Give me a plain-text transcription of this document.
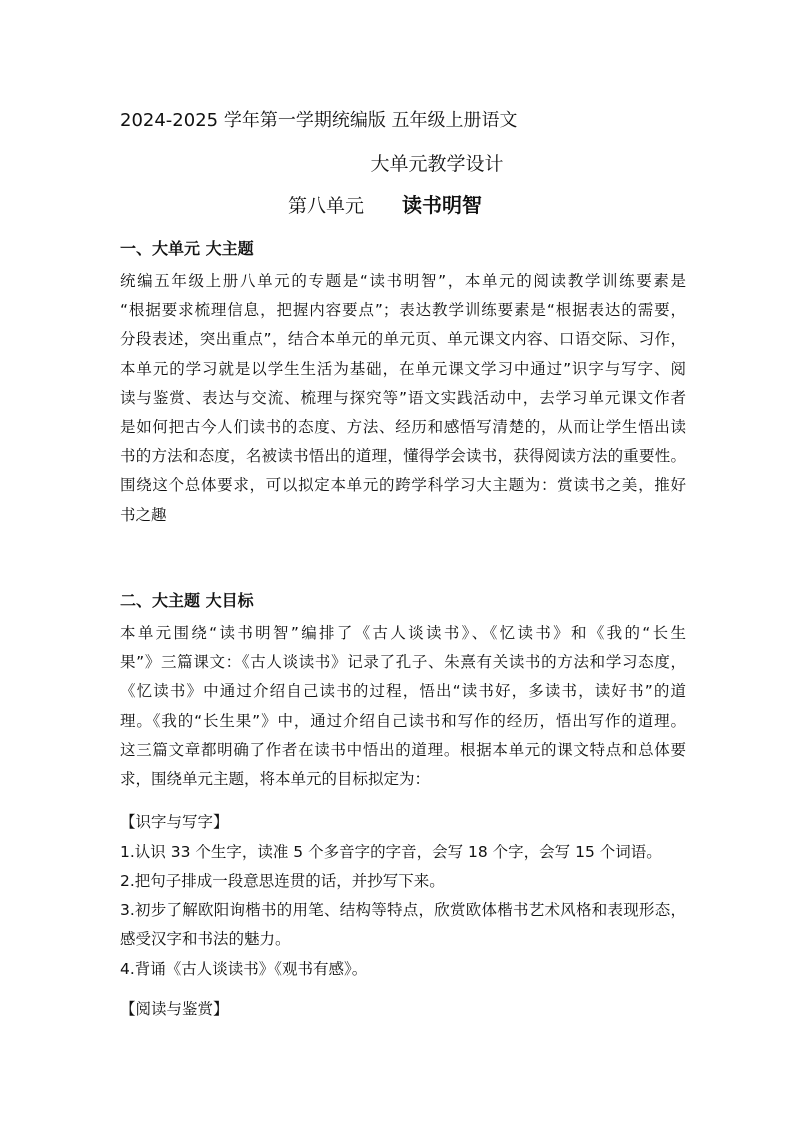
2024-2025 学年第一学期统编版 五年级上册语文
大单元教学设计
第八单元 读书明智
一、大单元 大主题
统编五年级上册八单元的专题是“读书明智”，本单元的阅读教学训练要素是
“根据要求梳理信息，把握内容要点”；表达教学训练要素是“根据表达的需要，
分段表述，突出重点”，结合本单元的单元页、单元课文内容、口语交际、习作，
本单元的学习就是以学生生活为基础，在单元课文学习中通过”识字与写字、阅
读与鉴赏、表达与交流、梳理与探究等”语文实践活动中，去学习单元课文作者
是如何把古今人们读书的态度、方法、经历和感悟写清楚的，从而让学生悟出读
书的方法和态度，名被读书悟出的道理，懂得学会读书，获得阅读方法的重要性。
围绕这个总体要求，可以拟定本单元的跨学科学习大主题为：赏读书之美，推好
书之趣
二、大主题 大目标
本单元围绕“读书明智”编排了《古人谈读书》、《忆读书》和《我的“长生
果”》三篇课文：《古人谈读书》记录了孔子、朱熹有关读书的方法和学习态度，
《忆读书》中通过介绍自己读书的过程，悟出“读书好，多读书，读好书”的道
理。《我的“长生果”》中，通过介绍自己读书和写作的经历，悟出写作的道理。
这三篇文章都明确了作者在读书中悟出的道理。根据本单元的课文特点和总体要
求，围绕单元主题，将本单元的目标拟定为：
【识字与写字】
1.认识 33 个生字，读准 5 个多音字的字音，会写 18 个字，会写 15 个词语。
2.把句子排成一段意思连贯的话，并抄写下来。
3.初步了解欧阳询楷书的用笔、结构等特点，欣赏欧体楷书艺术风格和表现形态，
感受汉字和书法的魅力。
4.背诵《古人谈读书》《观书有感》。
【阅读与鉴赏】
